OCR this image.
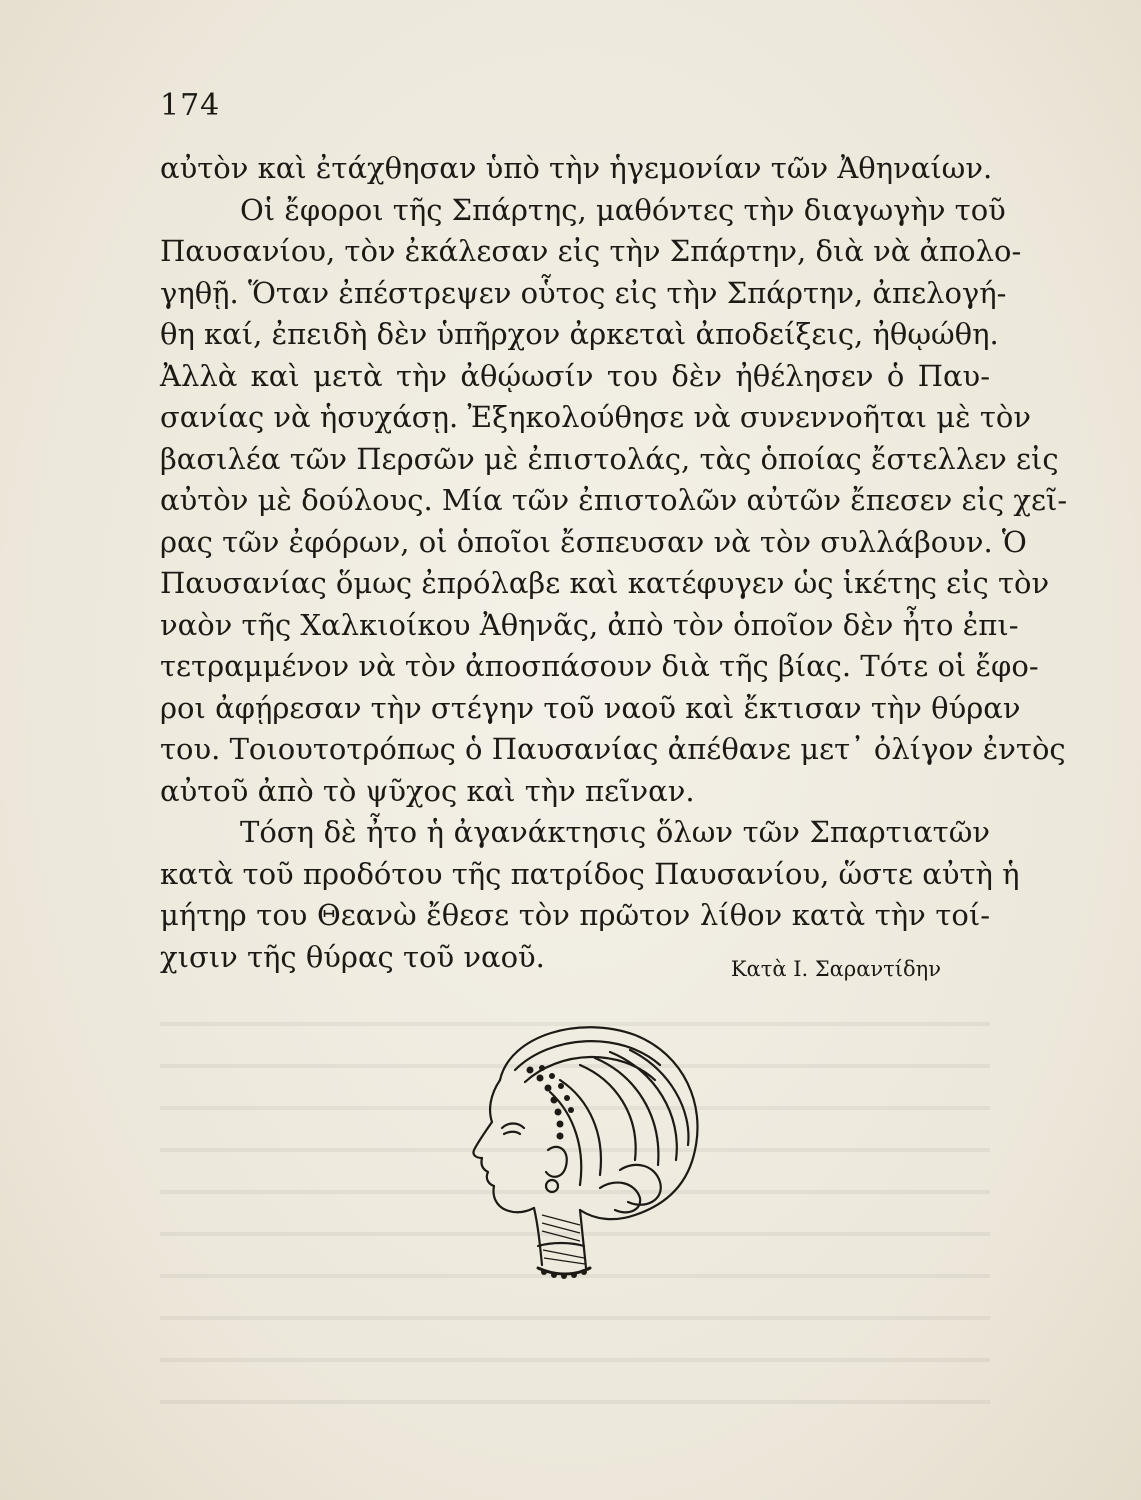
174
αὐτὸν καὶ ἐτάχθησαν ὑπὸ τὴν ἡγεμονίαν τῶν Ἀθηναίων.
Οἱ ἔφοροι τῆς Σπάρτης, μαθόντες τὴν διαγωγὴν τοῦ
Παυσανίου, τὸν ἐκάλεσαν εἰς τὴν Σπάρτην, διὰ νὰ ἀπολο-
γηθῇ. Ὅταν ἐπέστρεψεν οὗτος εἰς τὴν Σπάρτην, ἀπελογή-
θη καί, ἐπειδὴ δὲν ὑπῆρχον ἀρκεταὶ ἀποδείξεις, ἠθῳώθη.
Ἀλλὰ καὶ μετὰ τὴν ἀθῴωσίν του δὲν ἠθέλησεν ὁ Παυ-
σανίας νὰ ἡσυχάσῃ. Ἐξηκολούθησε νὰ συνεννοῆται μὲ τὸν
βασιλέα τῶν Περσῶν μὲ ἐπιστολάς, τὰς ὁποίας ἔστελλεν εἰς
αὐτὸν μὲ δούλους. Μία τῶν ἐπιστολῶν αὐτῶν ἔπεσεν εἰς χεῖ-
ρας τῶν ἐφόρων, οἱ ὁποῖοι ἔσπευσαν νὰ τὸν συλλάβουν. Ὁ
Παυσανίας ὅμως ἐπρόλαβε καὶ κατέφυγεν ὡς ἱκέτης εἰς τὸν
ναὸν τῆς Χαλκιοίκου Ἀθηνᾶς, ἀπὸ τὸν ὁποῖον δὲν ἦτο ἐπι-
τετραμμένον νὰ τὸν ἀποσπάσουν διὰ τῆς βίας. Τότε οἱ ἔφο-
ροι ἀφῄρεσαν τὴν στέγην τοῦ ναοῦ καὶ ἔκτισαν τὴν θύραν
του. Τοιουτοτρόπως ὁ Παυσανίας ἀπέθανε μετ᾽ ὀλίγον ἐντὸς
αὐτοῦ ἀπὸ τὸ ψῦχος καὶ τὴν πεῖναν.
Τόση δὲ ἦτο ἡ ἀγανάκτησις ὅλων τῶν Σπαρτιατῶν
κατὰ τοῦ προδότου τῆς πατρίδος Παυσανίου, ὥστε αὐτὴ ἡ
μήτηρ του Θεανὼ ἔθεσε τὸν πρῶτον λίθον κατὰ τὴν τοί-
χισιν τῆς θύρας τοῦ ναοῦ.	Κατὰ Ι. Σαραντίδην
